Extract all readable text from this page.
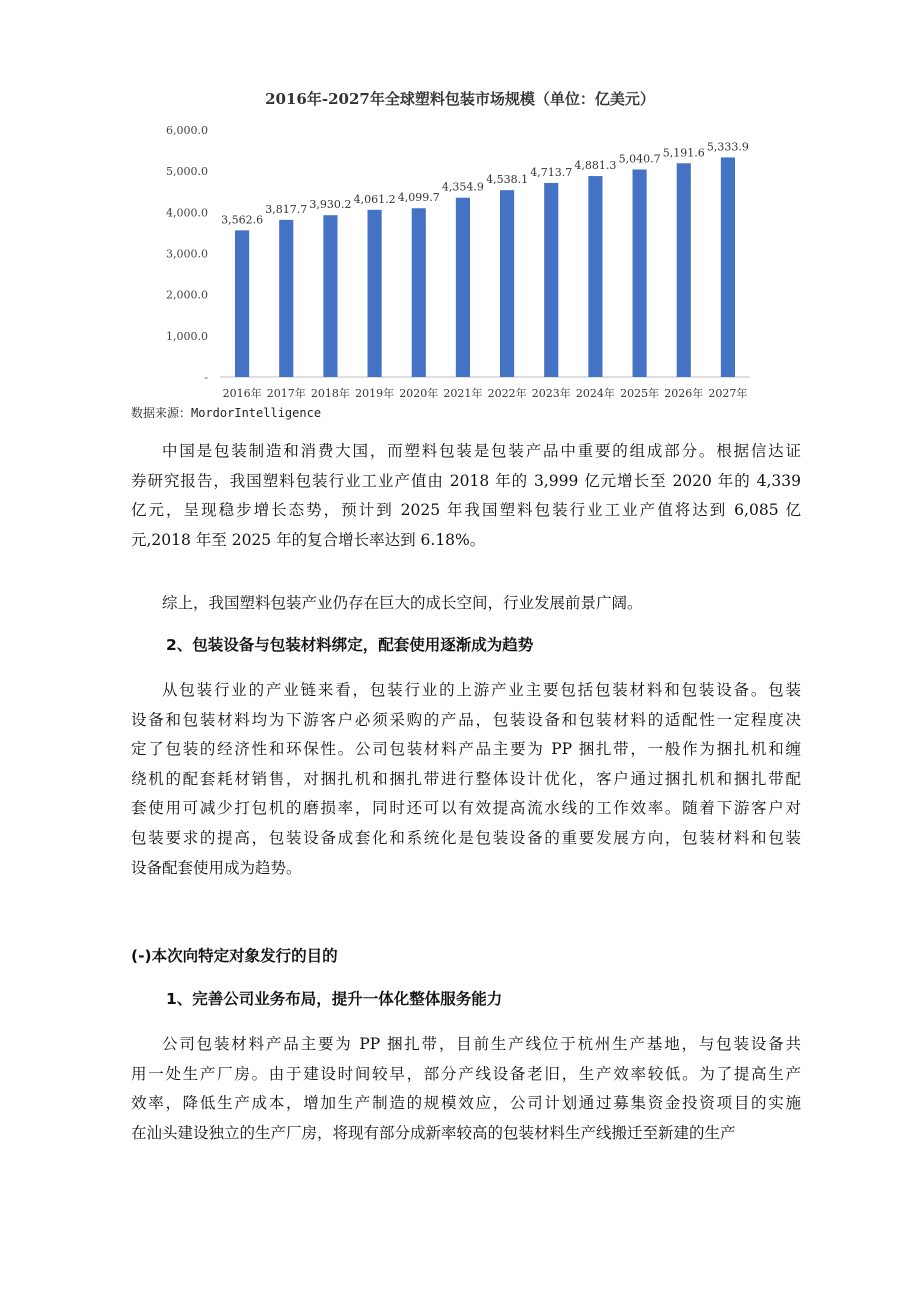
2016年-2027年全球塑料包装市场规模（单位：亿美元）
-
1,000.0
2,000.0
3,000.0
4,000.0
5,000.0
6,000.0
3,562.6
3,817.7 3,930.2 4,061.2 4,099.7
4,354.9
4,538.1
4,713.7
4,881.3
5,040.7 5,191.6 5,333.9
2016年 2017年 2018年 2019年 2020年 2021年 2022年 2023年 2024年 2025年 2026年 2027年
数据来源：MordorIntelligence
中国是包装制造和消费大国，而塑料包装是包装产品中重要的组成部分。根据信达证
券研究报告，我国塑料包装行业工业产值由 2018 年的 3,999 亿元增长至 2020 年的 4,339
亿元，呈现稳步增长态势，预计到 2025 年我国塑料包装行业工业产值将达到 6,085 亿
元,2018 年至 2025 年的复合增长率达到 6.18%。
综上，我国塑料包装产业仍存在巨大的成长空间，行业发展前景广阔。
2、包装设备与包装材料绑定，配套使用逐渐成为趋势
从包装行业的产业链来看，包装行业的上游产业主要包括包装材料和包装设备。包装
设备和包装材料均为下游客户必须采购的产品，包装设备和包装材料的适配性一定程度决
定了包装的经济性和环保性。公司包装材料产品主要为 PP 捆扎带，一般作为捆扎机和缠
绕机的配套耗材销售，对捆扎机和捆扎带进行整体设计优化，客户通过捆扎机和捆扎带配
套使用可减少打包机的磨损率，同时还可以有效提高流水线的工作效率。随着下游客户对
包装要求的提高，包装设备成套化和系统化是包装设备的重要发展方向，包装材料和包装
设备配套使用成为趋势。
(-)本次向特定对象发行的目的
1、完善公司业务布局，提升一体化整体服务能力
公司包装材料产品主要为 PP 捆扎带，目前生产线位于杭州生产基地，与包装设备共
用一处生产厂房。由于建设时间较早，部分产线设备老旧，生产效率较低。为了提高生产
效率，降低生产成本，增加生产制造的规模效应，公司计划通过募集资金投资项目的实施
在汕头建设独立的生产厂房，将现有部分成新率较高的包装材料生产线搬迁至新建的生产
